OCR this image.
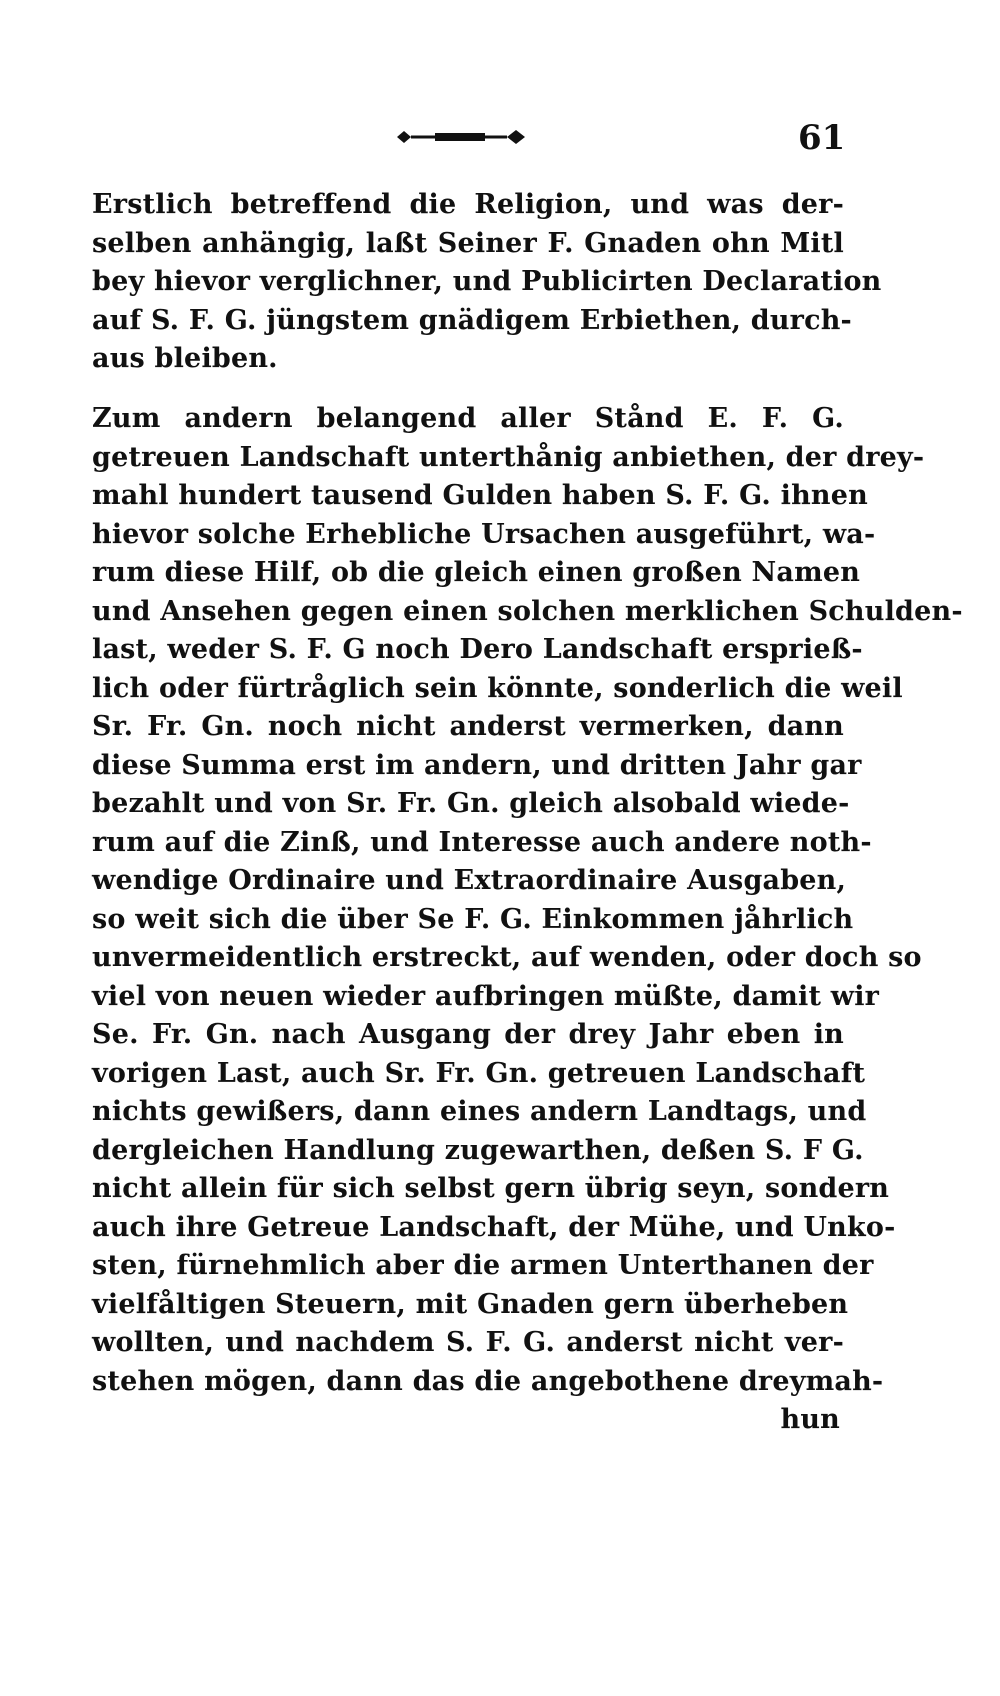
61
Erstlich betreffend die Religion, und was der-
selben anhängig, laßt Seiner F. Gnaden ohn Mitl
bey hievor verglichner, und Publicirten Declaration
auf S. F. G. jüngstem gnädigem Erbiethen, durch-
aus bleiben.
Zum andern belangend aller Stånd E. F. G.
getreuen Landschaft unterthånig anbiethen, der drey-
mahl hundert tausend Gulden haben S. F. G. ihnen
hievor solche Erhebliche Ursachen ausgeführt, wa-
rum diese Hilf, ob die gleich einen großen Namen
und Ansehen gegen einen solchen merklichen Schulden-
last, weder S. F. G noch Dero Landschaft ersprieß-
lich oder fürtråglich sein könnte, sonderlich die weil
Sr. Fr. Gn. noch nicht anderst vermerken, dann
diese Summa erst im andern, und dritten Jahr gar
bezahlt und von Sr. Fr. Gn. gleich alsobald wiede-
rum auf die Zinß, und Interesse auch andere noth-
wendige Ordinaire und Extraordinaire Ausgaben,
so weit sich die über Se F. G. Einkommen jåhrlich
unvermeidentlich erstreckt, auf wenden, oder doch so
viel von neuen wieder aufbringen müßte, damit wir
Se. Fr. Gn. nach Ausgang der drey Jahr eben in
vorigen Last, auch Sr. Fr. Gn. getreuen Landschaft
nichts gewißers, dann eines andern Landtags, und
dergleichen Handlung zugewarthen, deßen S. F G.
nicht allein für sich selbst gern übrig seyn, sondern
auch ihre Getreue Landschaft, der Mühe, und Unko-
sten, fürnehmlich aber die armen Unterthanen der
vielfåltigen Steuern, mit Gnaden gern überheben
wollten, und nachdem S. F. G. anderst nicht ver-
stehen mögen, dann das die angebothene dreymah-
hun
